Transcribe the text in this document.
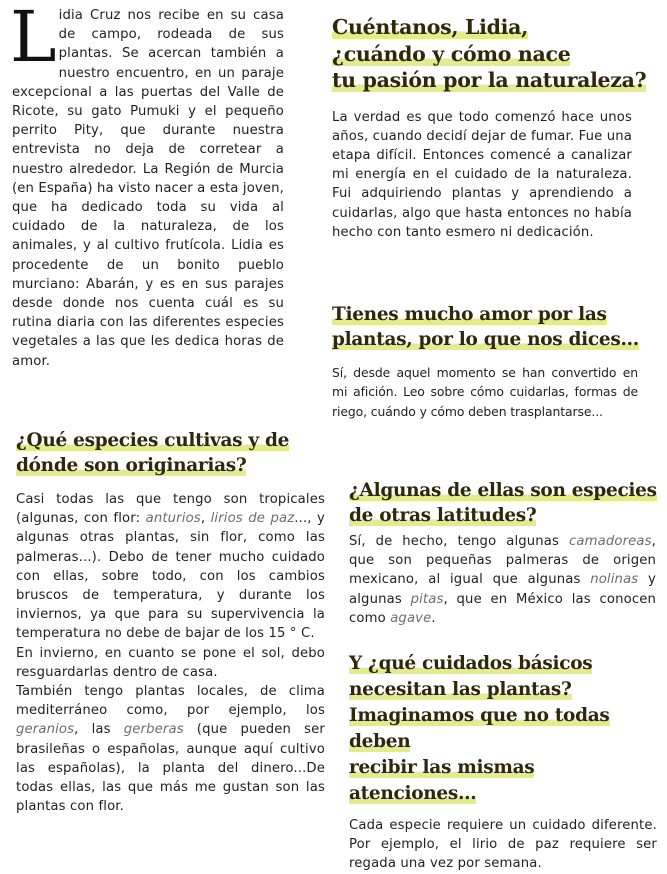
Lidia Cruz nos recibe en su casa de campo, rodeada de sus plantas. Se acercan también a nuestro encuentro, en un paraje excepcional a las puertas del Valle de Ricote, su gato Pumuki y el pequeño perrito Pity, que durante nuestra entrevista no deja de corretear a nuestro alrededor. La Región de Murcia (en España) ha visto nacer a esta joven, que ha dedicado toda su vida al cuidado de la naturaleza, de los animales, y al cultivo frutícola. Lidia es procedente de un bonito pueblo murciano: Abarán, y es en sus parajes desde donde nos cuenta cuál es su rutina diaria con las diferentes especies vegetales a las que les dedica horas de amor.

Cuéntanos, Lidia,
¿cuándo y cómo nace
tu pasión por la naturaleza?

La verdad es que todo comenzó hace unos años, cuando decidí dejar de fumar. Fue una etapa difícil. Entonces comencé a canalizar mi energía en el cuidado de la naturaleza. Fui adquiriendo plantas y aprendiendo a cuidarlas, algo que hasta entonces no había hecho con tanto esmero ni dedicación.

Tienes mucho amor por las
plantas, por lo que nos dices...

Sí, desde aquel momento se han convertido en mi afición. Leo sobre cómo cuidarlas, formas de riego, cuándo y cómo deben trasplantarse...

¿Qué especies cultivas y de
dónde son originarias?

Casi todas las que tengo son tropicales (algunas, con flor: anturios, lirios de paz..., y algunas otras plantas, sin flor, como las palmeras...). Debo de tener mucho cuidado con ellas, sobre todo, con los cambios bruscos de temperatura, y durante los inviernos, ya que para su supervivencia la temperatura no debe de bajar de los 15 ° C.

En invierno, en cuanto se pone el sol, debo resguardarlas dentro de casa.

También tengo plantas locales, de clima mediterráneo como, por ejemplo, los geranios, las gerberas (que pueden ser brasileñas o españolas, aunque aquí cultivo las españolas), la planta del dinero...De todas ellas, las que más me gustan son las plantas con flor.

¿Algunas de ellas son especies
de otras latitudes?

Sí, de hecho, tengo algunas camadoreas, que son pequeñas palmeras de origen mexicano, al igual que algunas nolinas y algunas pitas, que en México las conocen como agave.

Y ¿qué cuidados básicos
necesitan las plantas?
Imaginamos que no todas deben
recibir las mismas atenciones...

Cada especie requiere un cuidado diferente. Por ejemplo, el lirio de paz requiere ser regada una vez por semana.
